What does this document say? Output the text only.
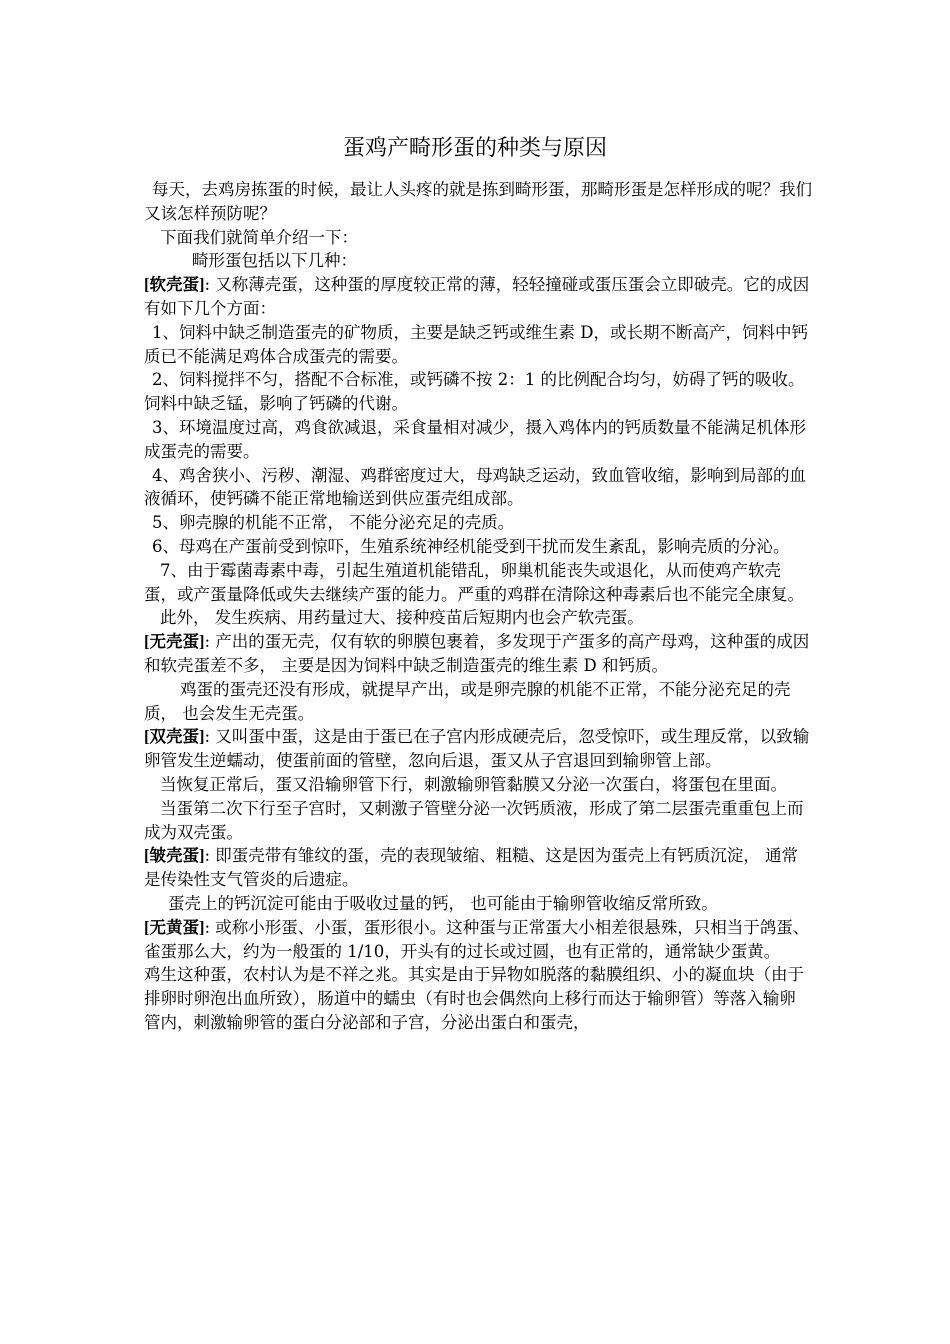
蛋鸡产畸形蛋的种类与原因

每天，去鸡房拣蛋的时候，最让人头疼的就是拣到畸形蛋，那畸形蛋是怎样形成的呢？我们又该怎样预防呢？

下面我们就简单介绍一下：

畸形蛋包括以下几种：

[软壳蛋]: 又称薄壳蛋，这种蛋的厚度较正常的薄，轻轻撞碰或蛋压蛋会立即破壳。它的成因有如下几个方面：

1、饲料中缺乏制造蛋壳的矿物质，主要是缺乏钙或维生素 D，或长期不断高产，饲料中钙质已不能满足鸡体合成蛋壳的需要。

2、饲料搅拌不匀，搭配不合标准，或钙磷不按 2：1 的比例配合均匀，妨碍了钙的吸收。饲料中缺乏锰，影响了钙磷的代谢。

3、环境温度过高，鸡食欲减退，采食量相对减少，摄入鸡体内的钙质数量不能满足机体形成蛋壳的需要。

4、鸡舍狭小、污秽、潮湿、鸡群密度过大，母鸡缺乏运动，致血管收缩，影响到局部的血液循环，使钙磷不能正常地输送到供应蛋壳组成部。

5、卵壳腺的机能不正常， 不能分泌充足的壳质。

6、母鸡在产蛋前受到惊吓，生殖系统神经机能受到干扰而发生紊乱，影响壳质的分沁。

7、由于霉菌毒素中毒，引起生殖道机能错乱，卵巢机能丧失或退化，从而使鸡产软壳蛋，或产蛋量降低或失去继续产蛋的能力。严重的鸡群在清除这种毒素后也不能完全康复。

此外， 发生疾病、用药量过大、接种疫苗后短期内也会产软壳蛋。

[无壳蛋]: 产出的蛋无壳，仅有软的卵膜包裹着，多发现于产蛋多的高产母鸡，这种蛋的成因和软壳蛋差不多， 主要是因为饲料中缺乏制造蛋壳的维生素 D 和钙质。

鸡蛋的蛋壳还没有形成，就提早产出，或是卵壳腺的机能不正常，不能分泌充足的壳质， 也会发生无壳蛋。

[双壳蛋]: 又叫蛋中蛋，这是由于蛋已在子宫内形成硬壳后，忽受惊吓，或生理反常，以致输卵管发生逆蠕动，使蛋前面的管壁，忽向后退，蛋又从子宫退回到输卵管上部。

当恢复正常后，蛋又沿输卵管下行，刺激输卵管黏膜又分泌一次蛋白，将蛋包在里面。

当蛋第二次下行至子宫时，又刺激子管壁分泌一次钙质液，形成了第二层蛋壳重重包上而成为双壳蛋。

[皱壳蛋]: 即蛋壳带有雏纹的蛋，壳的表现皱缩、粗糙、这是因为蛋壳上有钙质沉淀， 通常是传染性支气管炎的后遗症。

蛋壳上的钙沉淀可能由于吸收过量的钙， 也可能由于输卵管收缩反常所致。

[无黄蛋]: 或称小形蛋、小蛋，蛋形很小。这种蛋与正常蛋大小相差很悬殊，只相当于鸽蛋、雀蛋那么大，约为一般蛋的 1/10，开头有的过长或过圆，也有正常的，通常缺少蛋黄。

鸡生这种蛋，农村认为是不祥之兆。其实是由于异物如脱落的黏膜组织、小的凝血块（由于排卵时卵泡出血所致），肠道中的蠕虫（有时也会偶然向上移行而达于输卵管）等落入输卵管内，刺激输卵管的蛋白分泌部和子宫，分泌出蛋白和蛋壳，
